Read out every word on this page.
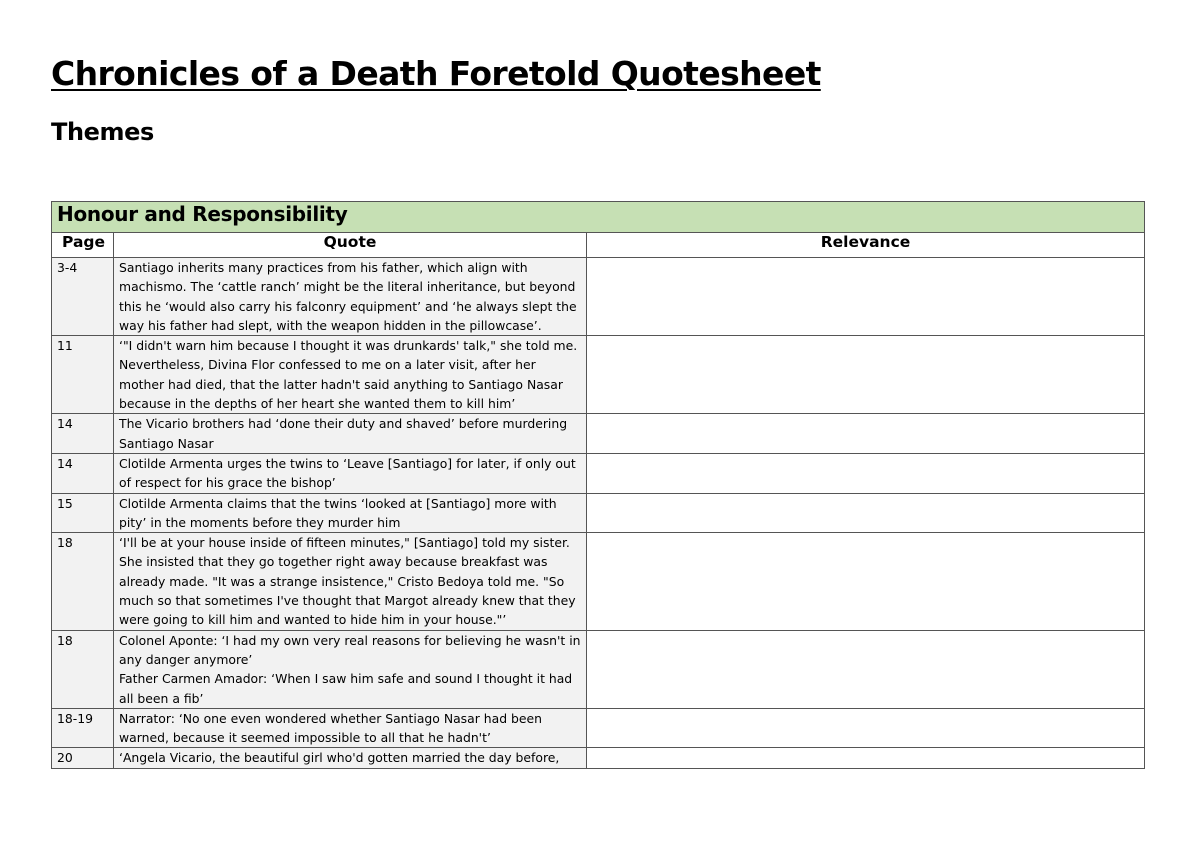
Chronicles of a Death Foretold Quotesheet
Themes
Honour and Responsibility		
Page	Quote	Relevance
3-4	Santiago inherits many practices from his father, which align with machismo. The ‘cattle ranch’ might be the literal inheritance, but beyond this he ‘would also carry his falconry equipment’ and ‘he always slept the way his father had slept, with the weapon hidden in the pillowcase’.	
11	‘"I didn't warn him because I thought it was drunkards' talk," she told me. Nevertheless, Divina Flor confessed to me on a later visit, after her mother had died, that the latter hadn't said anything to Santiago Nasar because in the depths of her heart she wanted them to kill him’	
14	The Vicario brothers had ‘done their duty and shaved’ before murdering Santiago Nasar	
14	Clotilde Armenta urges the twins to ‘Leave [Santiago] for later, if only out of respect for his grace the bishop’	
15	Clotilde Armenta claims that the twins ‘looked at [Santiago] more with pity’ in the moments before they murder him	
18	‘I'll be at your house inside of fifteen minutes," [Santiago] told my sister. She insisted that they go together right away because breakfast was already made. "It was a strange insistence," Cristo Bedoya told me. "So much so that sometimes I've thought that Margot already knew that they were going to kill him and wanted to hide him in your house."’	
18	Colonel Aponte: ‘I had my own very real reasons for believing he wasn't in any danger anymore’
Father Carmen Amador: ‘When I saw him safe and sound I thought it had all been a fib’	

18-19	Narrator: ‘No one even wondered whether Santiago Nasar had been warned, because it seemed impossible to all that he hadn't’	
20	‘Angela Vicario, the beautiful girl who'd gotten married the day before,	
